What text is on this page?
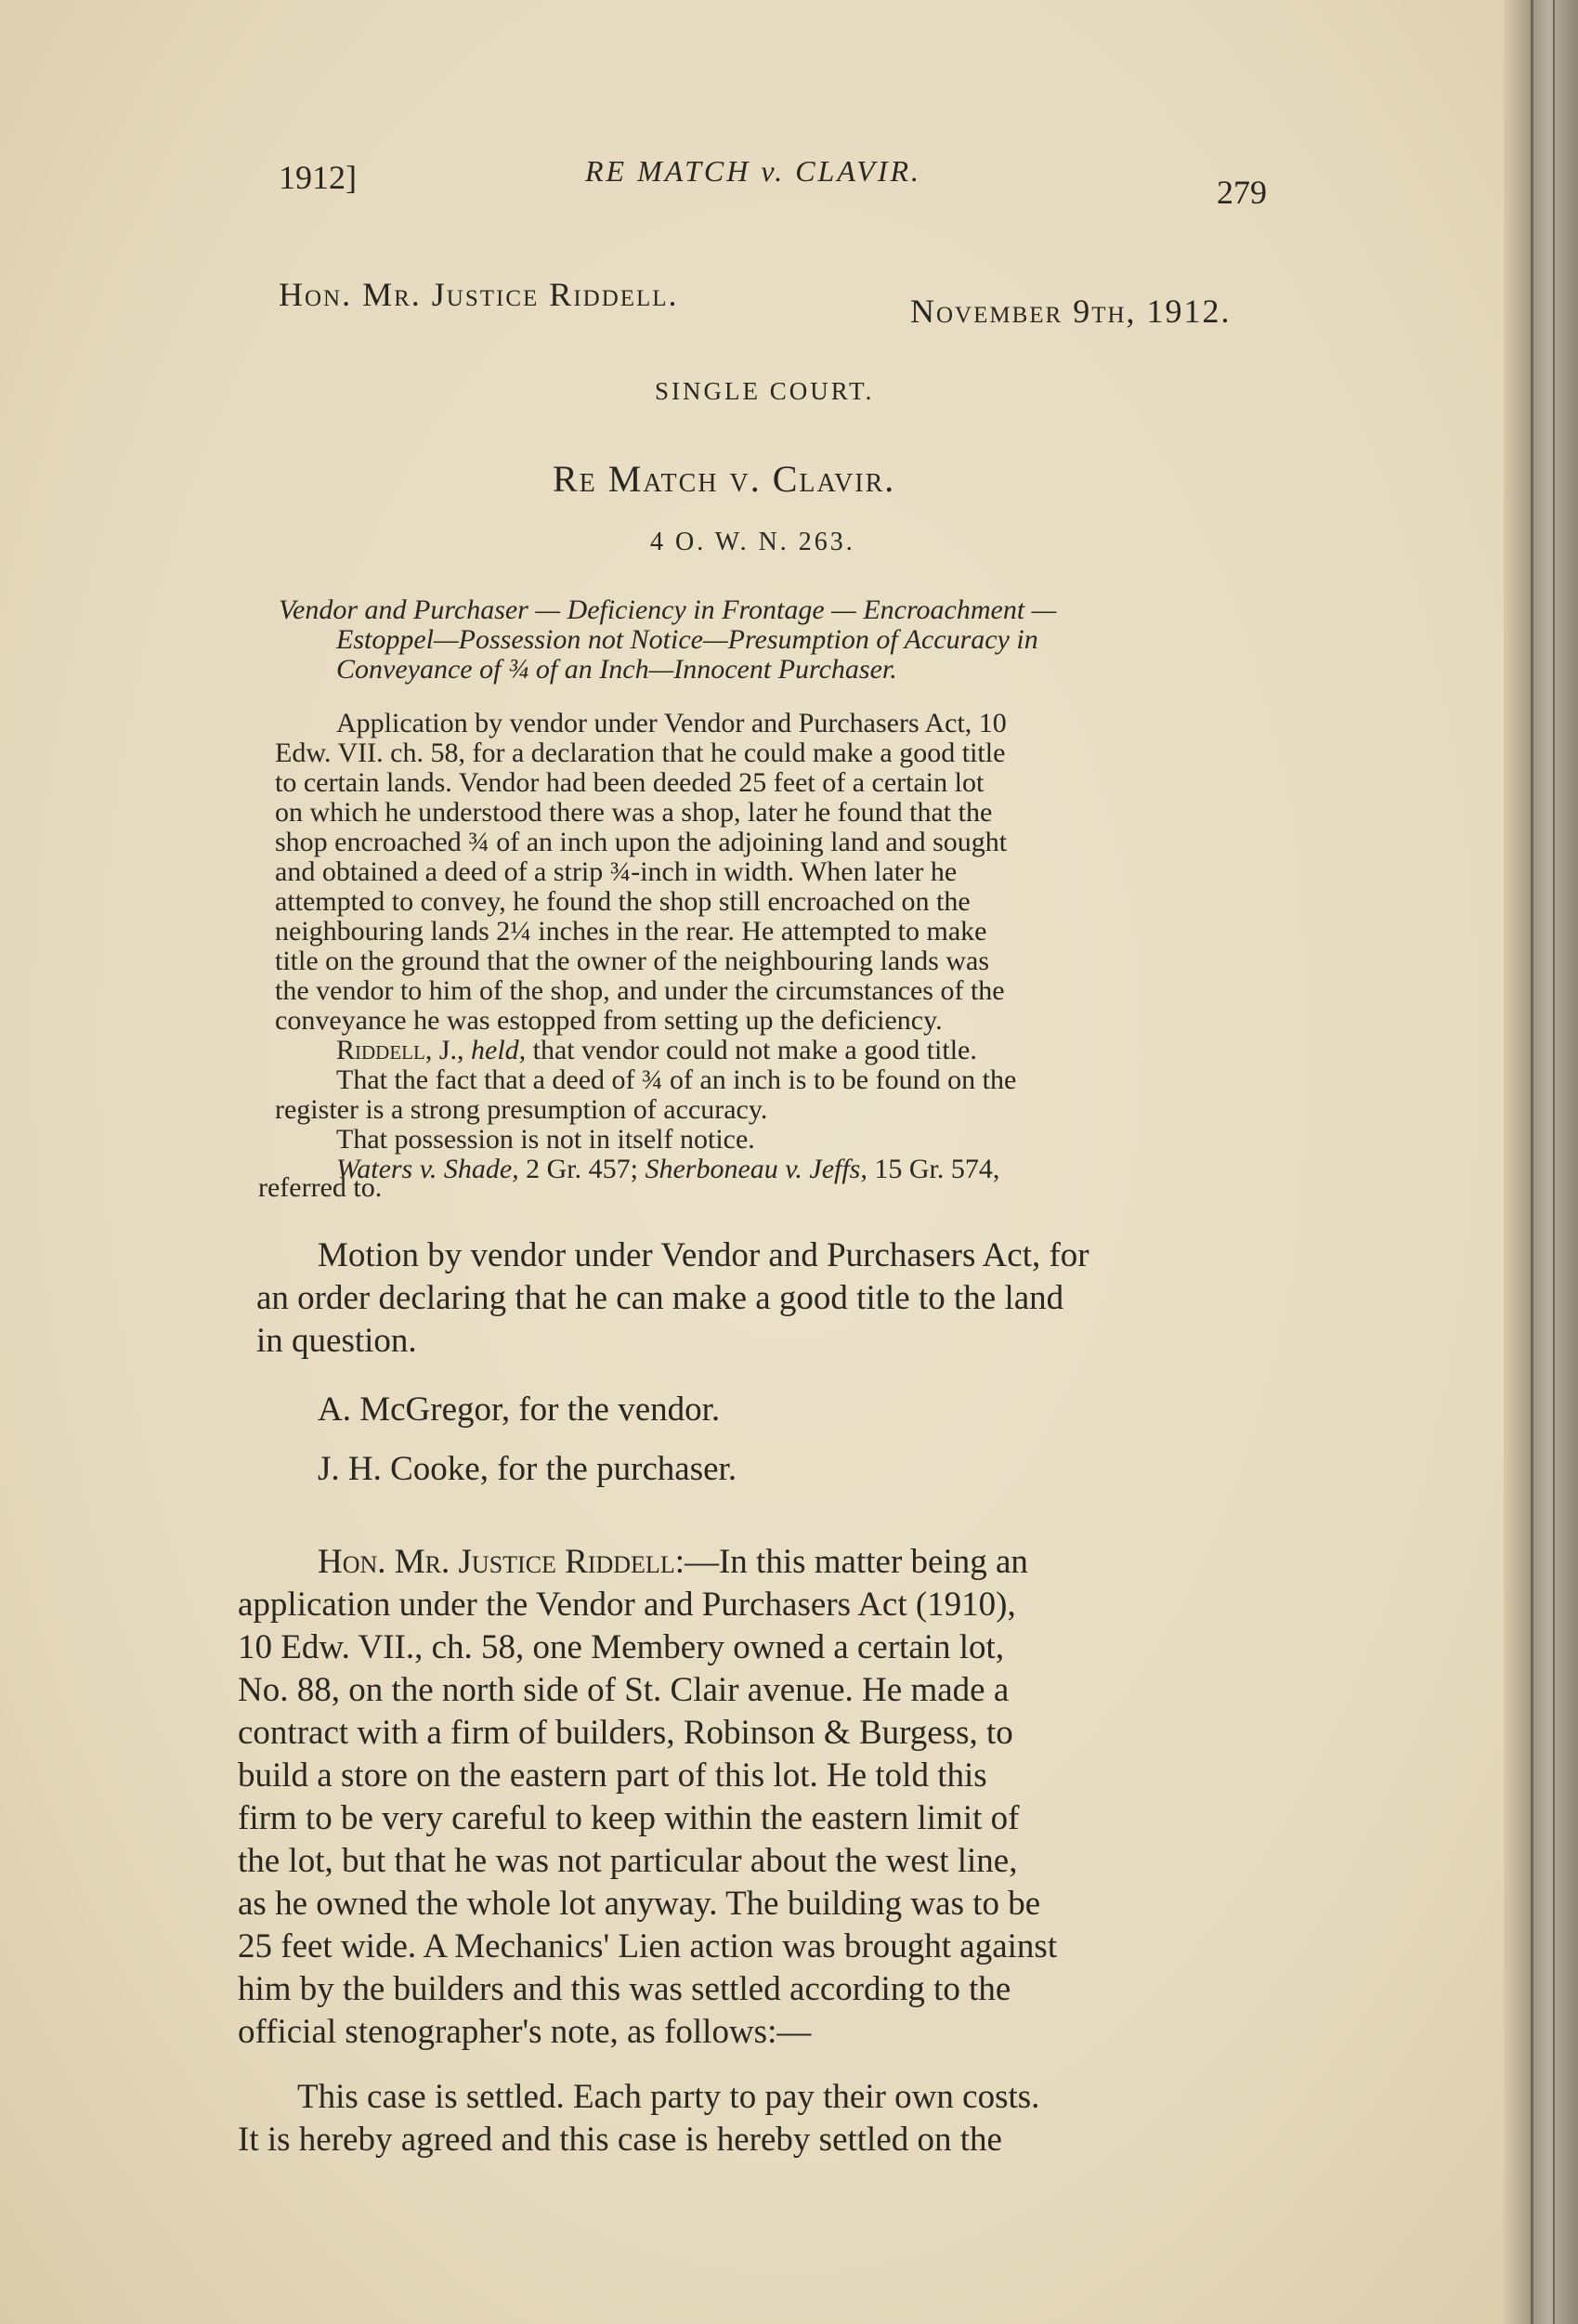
1912]	RE MATCH v. CLAVIR.
279
Hon. Mr. Justice Riddell.	November 9th, 1912.
SINGLE COURT.
Re Match v. Clavir.
4 O. W. N. 263.
Vendor and Purchaser — Deficiency in Frontage — Encroachment —
Estoppel—Possession not Notice—Presumption of Accuracy in
Conveyance of ¾ of an Inch—Innocent Purchaser.
Application by vendor under Vendor and Purchasers Act, 10
Edw. VII. ch. 58, for a declaration that he could make a good title
to certain lands. Vendor had been deeded 25 feet of a certain lot
on which he understood there was a shop, later he found that the
shop encroached ¾ of an inch upon the adjoining land and sought
and obtained a deed of a strip ¾-inch in width. When later he
attempted to convey, he found the shop still encroached on the
neighbouring lands 2¼ inches in the rear. He attempted to make
title on the ground that the owner of the neighbouring lands was
the vendor to him of the shop, and under the circumstances of the
conveyance he was estopped from setting up the deficiency.
Riddell, J., held, that vendor could not make a good title.
That the fact that a deed of ¾ of an inch is to be found on the
register is a strong presumption of accuracy.
That possession is not in itself notice.
Waters v. Shade, 2 Gr. 457; Sherboneau v. Jeffs, 15 Gr. 574,
referred to.
Motion by vendor under Vendor and Purchasers Act, for
an order declaring that he can make a good title to the land
in question.
A. McGregor, for the vendor.
J. H. Cooke, for the purchaser.
Hon. Mr. Justice Riddell:—In this matter being an
application under the Vendor and Purchasers Act (1910),
10 Edw. VII., ch. 58, one Membery owned a certain lot,
No. 88, on the north side of St. Clair avenue. He made a
contract with a firm of builders, Robinson & Burgess, to
build a store on the eastern part of this lot. He told this
firm to be very careful to keep within the eastern limit of
the lot, but that he was not particular about the west line,
as he owned the whole lot anyway. The building was to be
25 feet wide. A Mechanics' Lien action was brought against
him by the builders and this was settled according to the
official stenographer's note, as follows:—
This case is settled. Each party to pay their own costs.
It is hereby agreed and this case is hereby settled on the
